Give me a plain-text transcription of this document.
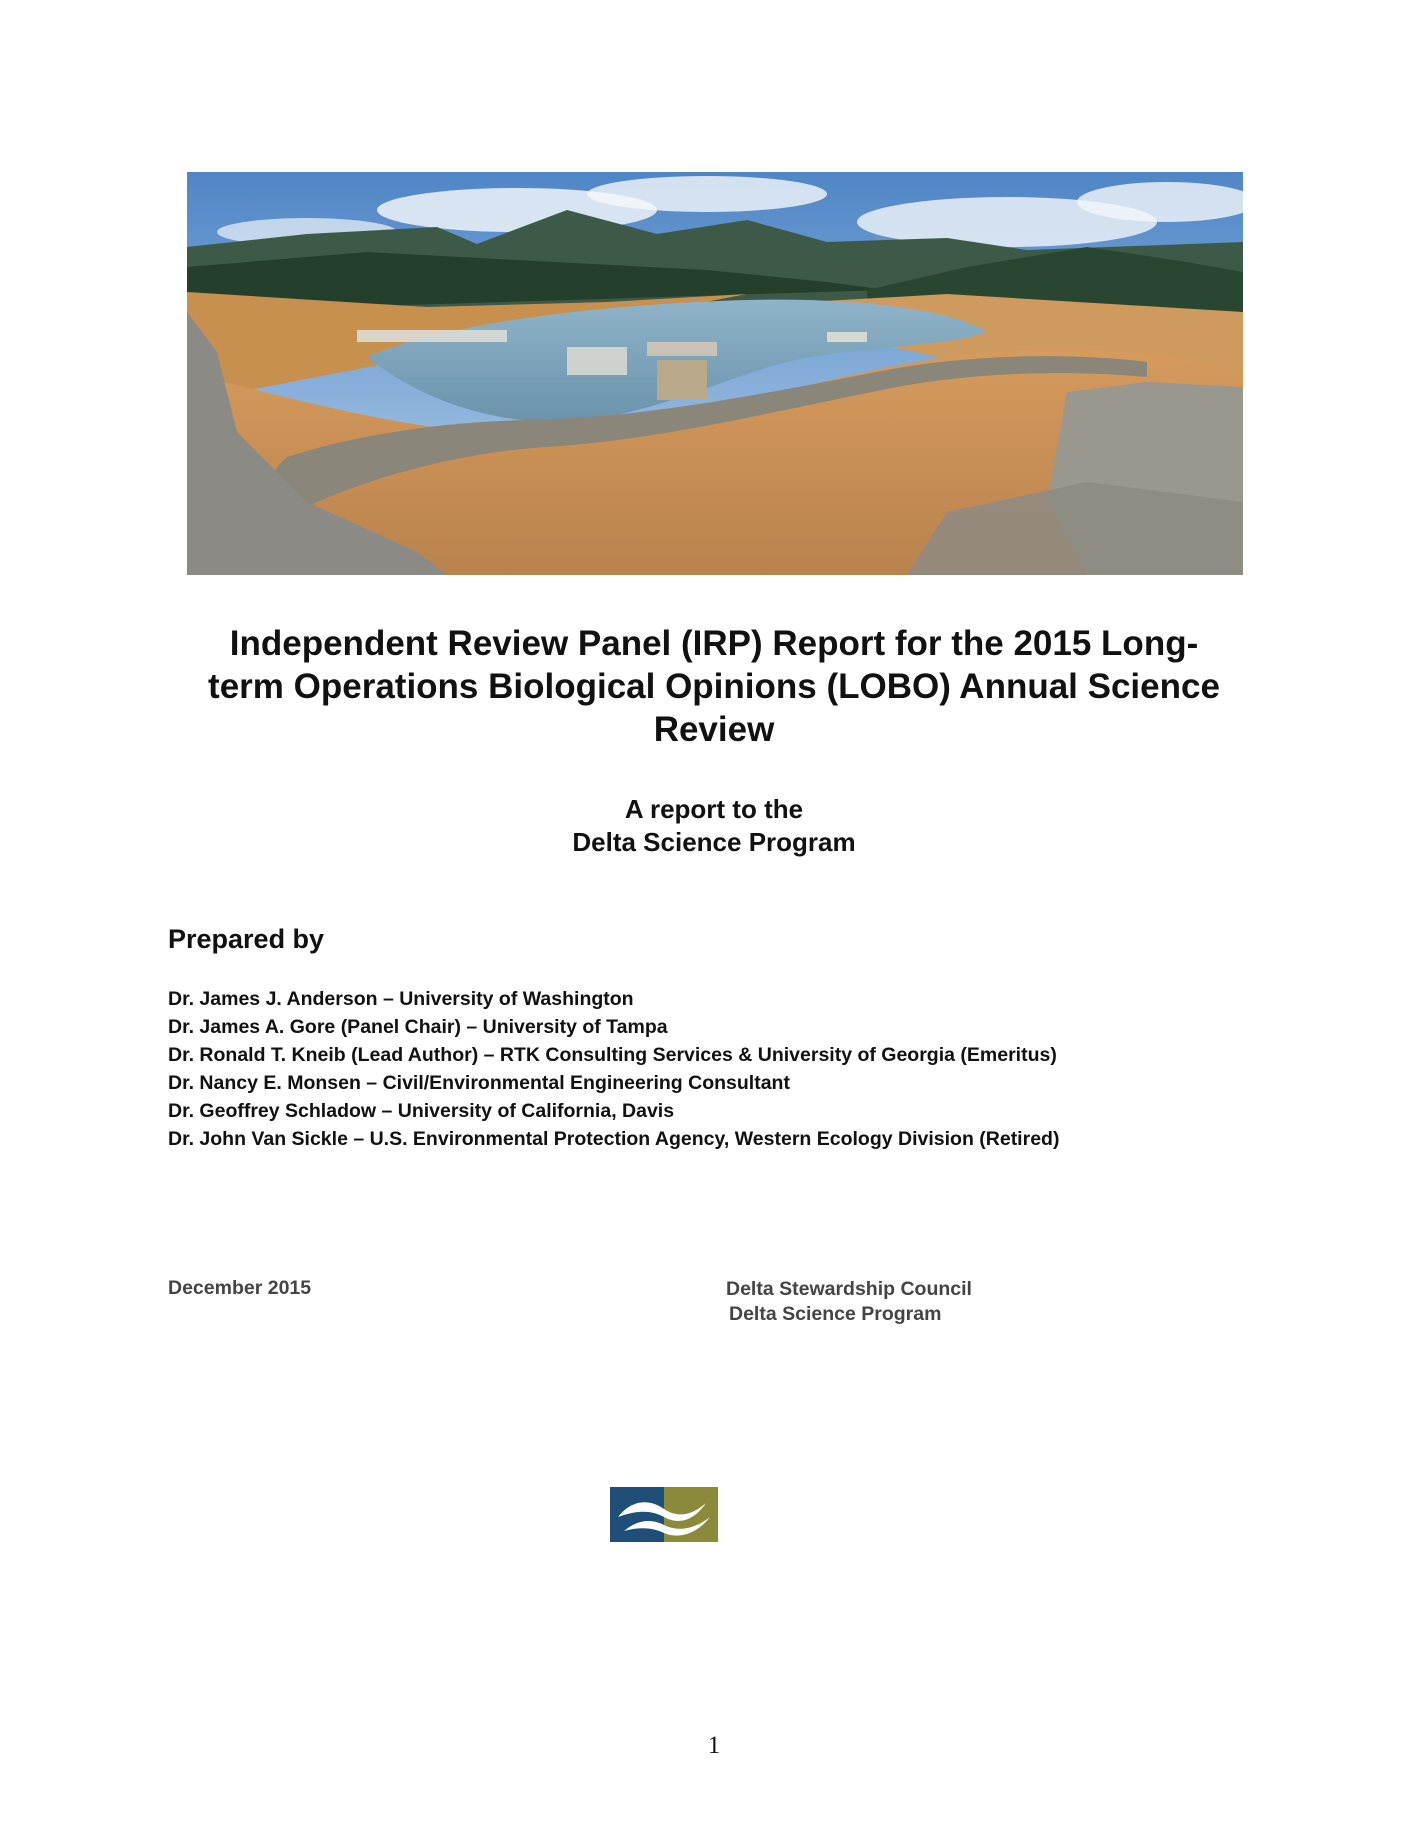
Independent Review Panel (IRP) Report for the 2015 Long-
term Operations Biological Opinions (LOBO) Annual Science
Review
A report to the
Delta Science Program
Prepared by
Dr. James J. Anderson – University of Washington
Dr. James A. Gore (Panel Chair) – University of Tampa
Dr. Ronald T. Kneib (Lead Author) – RTK Consulting Services & University of Georgia (Emeritus)
Dr. Nancy E. Monsen – Civil/Environmental Engineering Consultant
Dr. Geoffrey Schladow – University of California, Davis
Dr. John Van Sickle – U.S. Environmental Protection Agency, Western Ecology Division (Retired)
December 2015	Delta Stewardship Council
Delta Science Program
1
